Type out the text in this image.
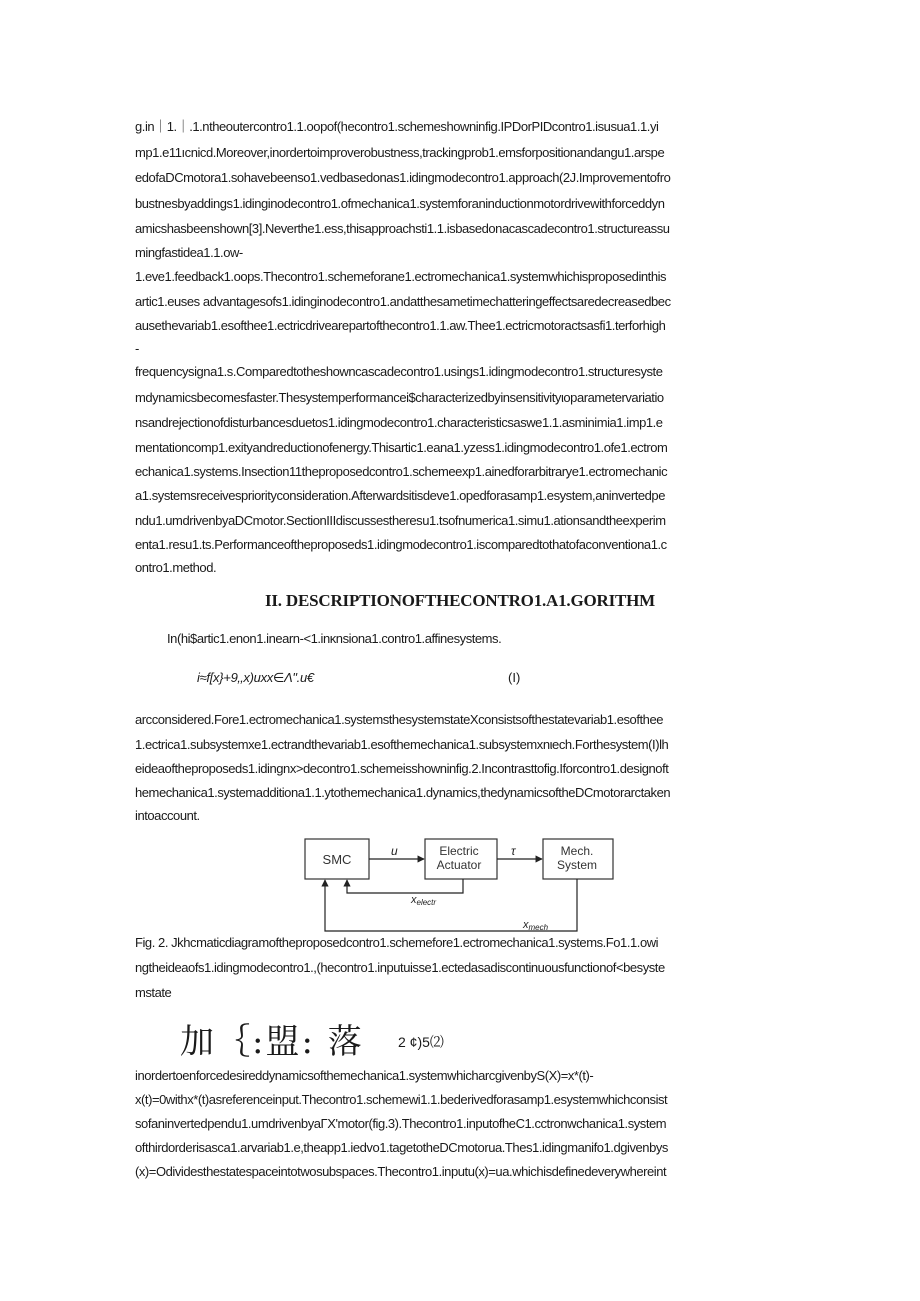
g.in｜1.｜.1.ntheoutercontro1.1.oopof(hecontro1.schemeshowninfig.IPDorPIDcontro1.isusua1.1.yi
mp1.e11ıcnicd.Moreover,inordertoimproverobustness,trackingprob1.emsforpositionandangu1.arspe
edofaDCmotora1.sohavebeenso1.vedbasedonas1.idingmodecontro1.approach(2J.Improvementofro
bustnesbyaddings1.idinginodecontro1.ofmechanica1.systemforaninductionmotordrivewithforceddyn
amicshasbeenshown[3].Neverthe1.ess,thisapproachsti1.1.isbasedonacascadecontro1.structureassu
mingfastidea1.1.ow-
1.eve1.feedback1.oops.Thecontro1.schemeforane1.ectromechanica1.systemwhichisproposedinthis
artic1.euses advantagesofs1.idinginodecontro1.andatthesametimechatteringeffectsaredecreasedbec
ausethevariab1.esofthee1.ectricdrivearepartofthecontro1.1.aw.Thee1.ectricmotoractsasfi1.terforhigh
-
frequencysigna1.s.Comparedtotheshowncascadecontro1.usings1.idingmodecontro1.structuresyste
mdynamicsbecomesfaster.Thesystemperformancei$characterizedbyinsensitivityιoparametervariatio
nsandrejectionofdisturbancesduetos1.idingmodecontro1.characteristicsaswe1.1.asminimia1.imp1.e
mentationcomp1.exityandreductionofenergy.Thisartic1.eana1.yzess1.idingmodecontro1.ofe1.ectrom
echanica1.systems.Insection11theproposedcontro1.schemeexp1.ainedforarbitrarye1.ectromechanic
a1.systemsreceivespriorityconsideration.Afterwardsitisdeve1.opedforasamp1.esystem,aninvertedpe
ndu1.umdrivenbyaDCmotor.SectionIIIdiscussestheresu1.tsofnumerica1.simu1.ationsandtheexperim
enta1.resu1.ts.Performanceoftheproposeds1.idingmodecontro1.iscomparedtothatofaconventiona1.c
ontro1.method.
II. DESCRIPTIONOFTHECONTRO1.A1.GORITHM
In(hi$artic1.enon1.inearn-<1.inκnsiona1.contro1.affinesystems.
i≈f[x}+9‚,x)uxx∈Λ".u€	(I)
arcconsidered.Fore1.ectromechanica1.systemsthesystemstateXconsistsofthestatevariab1.esofthee
1.ectrica1.subsystemxe1.ectrandthevariab1.esofthemechanica1.subsystemxnιech.Forthesystem(I)lh
eideaoftheproposeds1.idingnx>decontro1.schemeisshowninfig.2.Incontrasttofig.Iforcontro1.designoft
hemechanica1.systemadditiona1.1.ytothemechanica1.dynamics,thedynamicsoftheDCmotorarctaken
intoaccount.
SMC
Electric
Actuator
Mech.
System
u	τ
xelectr
xmech
Fig. 2. Jkhcmaticdiagramoftheproposedcontro1.schemefore1.ectromechanica1.systems.Fo1.1.owi
ngtheideaofs1.idingmodecontro1.,(hecontro1.inputuisse1.ectedasadiscontinuousfunctionof<besyste
mstate
加｛:盟: 落 2 ¢)5⑵
inordertoenforcedesireddynamicsofthemechanica1.systemwhicharcgivenbyS(X)=x*(t)-
x(t)=0withx*(t)asreferenceinput.Thecontro1.schemewi1.1.bederivedforasamp1.esystemwhichconsist
sofaninvertedpendu1.umdrivenbyaΓX'motor(fig.3).Thecontro1.inputofheC1.cctronwchanica1.system
ofthirdorderisasca1.arvariab1.e,theapp1.iedvo1.tagetotheDCmotorua.Thes1.idingmanifo1.dgivenbys
(x)=Odividesthestatespaceintotwosubspaces.Thecontro1.inputu(x)=ua.whichisdefinedeverywhereint
